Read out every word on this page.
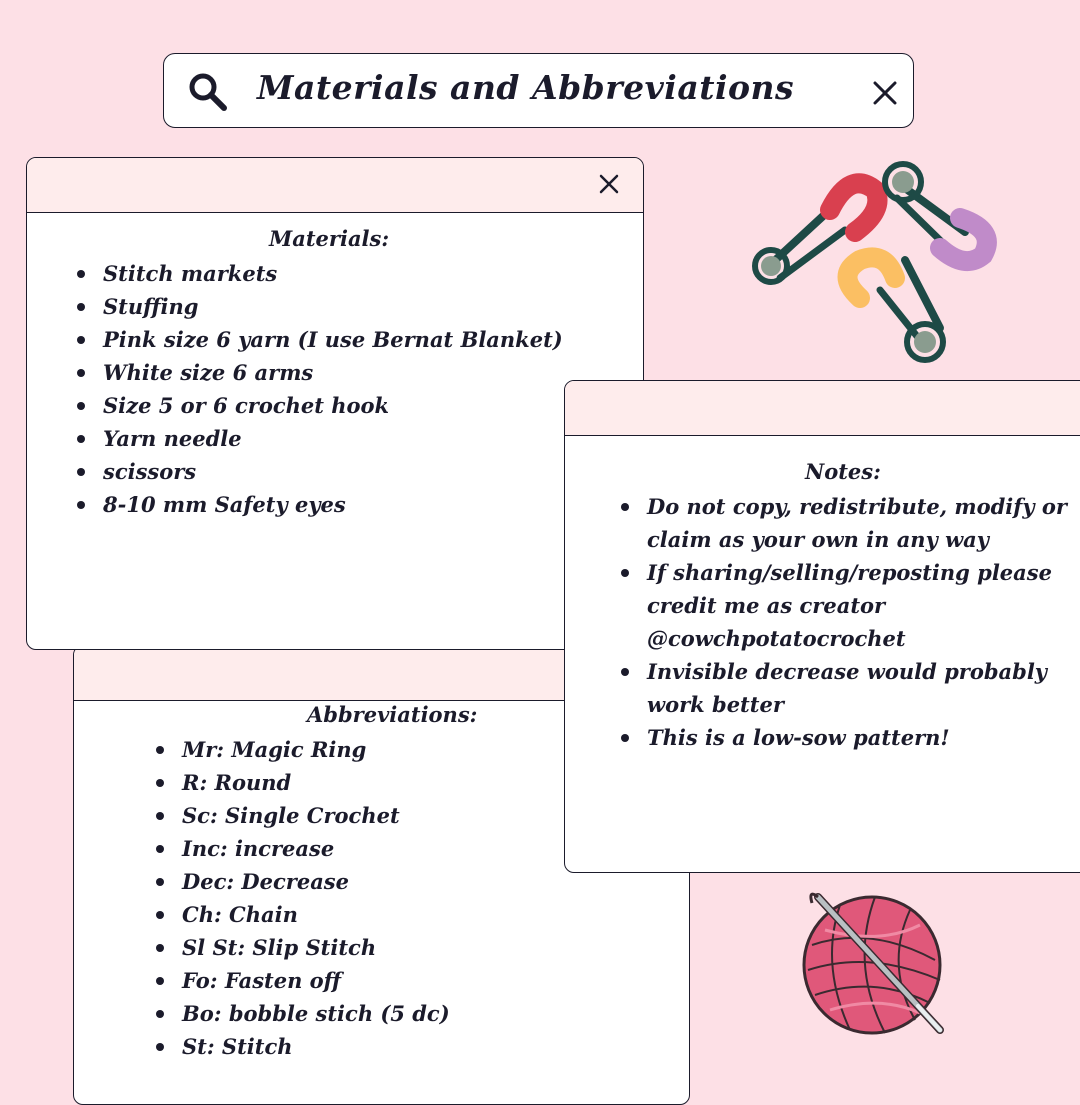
Materials and Abbreviations
Materials:
Stitch markets
Stuffing
Pink size 6 yarn (I use Bernat Blanket)
White size 6 arms
Size 5 or 6 crochet hook
Yarn needle
scissors
8-10 mm Safety eyes
Abbreviations:
Mr: Magic Ring
R: Round
Sc: Single Crochet
Inc: increase
Dec: Decrease
Ch: Chain
Sl St: Slip Stitch
Fo: Fasten off
Bo: bobble stich (5 dc)
St: Stitch
Notes:
Do not copy, redistribute, modify or claim as your own in any way
If sharing/selling/reposting please credit me as creator @cowchpotatocrochet
Invisible decrease would probably work better
This is a low-sow pattern!
